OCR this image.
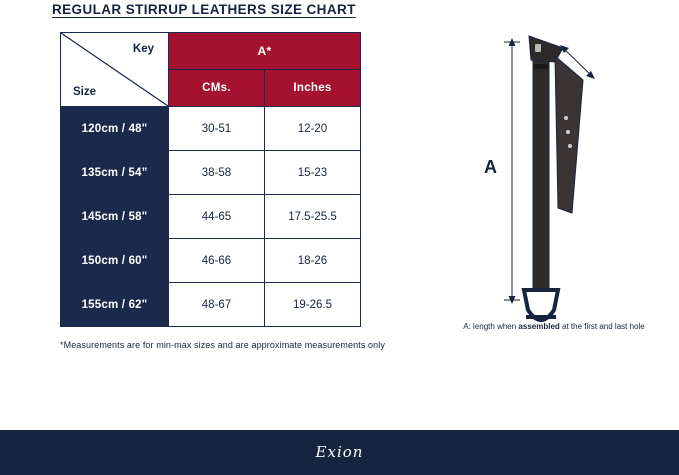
REGULAR STIRRUP LEATHERS SIZE CHART
Key
Size	A*	
	CMs.	Inches
120cm / 48"	30-51	12-20
135cm / 54”	38-58	15-23
145cm / 58"	44-65	17.5-25.5
150cm / 60"	46-66	18-26
155cm / 62"	48-67	19-26.5
*Measurements are for min-max sizes and are approximate measurements only
A
A: length when assembled at the first and last hole
Exion
